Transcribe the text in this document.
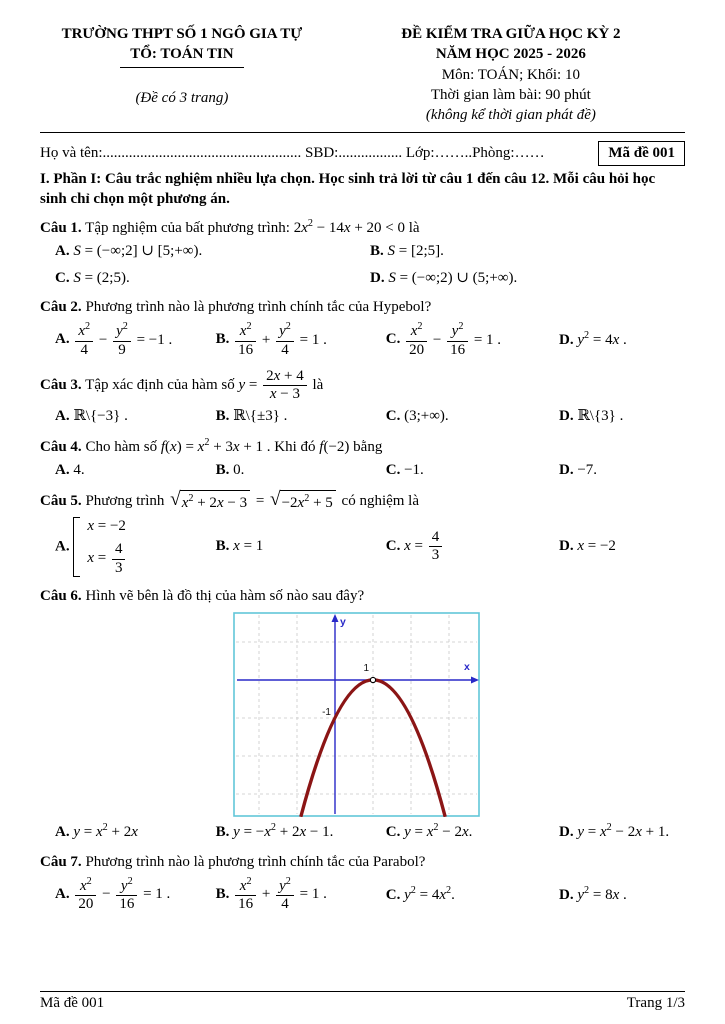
TRƯỜNG THPT SỐ 1 NGÔ GIA TỰ
TỔ: TOÁN TIN
(Đề có 3 trang)
ĐỀ KIỂM TRA GIỮA HỌC KỲ 2
NĂM HỌC 2025 - 2026
Môn: TOÁN; Khối: 10
Thời gian làm bài: 90 phút
(không kể thời gian phát đề)
Họ và tên:..................................................... SBD:................. Lớp:……..Phòng:……	Mã đề 001
I. Phần I: Câu trắc nghiệm nhiều lựa chọn. Học sinh trả lời từ câu 1 đến câu 12. Mỗi câu hỏi học sinh chỉ chọn một phương án.
Câu 1. Tập nghiệm của bất phương trình: $2x^2 - 14x + 20 < 0$ là
A. S = (−∞;2] ∪ [5;+∞).	B. S = [2;5].
C. S = (2;5).	D. S = (−∞;2) ∪ (5;+∞).
Câu 2. Phương trình nào là phương trình chính tắc của Hypebol?
A. $\frac{x^2}{4} - \frac{y^2}{9} = -1$ .	B. $\frac{x^2}{16} + \frac{y^2}{4} = 1$ .	C. $\frac{x^2}{20} - \frac{y^2}{16} = 1$ .	D. $y^2 = 4x$ .
Câu 3. Tập xác định của hàm số $y = \frac{2x + 4}{x - 3}$ là
A. ℝ\{−3} .	B. ℝ\{±3} .	C. (3;+∞).	D. ℝ\{3} .
Câu 4. Cho hàm số $f(x) = x^2 + 3x + 1$ . Khi đó f(−2) bằng
A. 4.	B. 0.	C. −1.	D. −7.
Câu 5. Phương trình √ $x^2 + 2x - 3$ = √ $-2x^2 + 5$ có nghiệm là
A.
x = −2
$x = \frac{4}{3}$	B. x = 1	C. $x = \frac{4}{3}$	D. x = −2
Câu 6. Hình vẽ bên là đồ thị của hàm số nào sau đây?
x
y
1
-1
A. $y = x^2 + 2x$	B. $y = -x^2 + 2x - 1$.	C. $y = x^2 - 2x$.	D. $y = x^2 - 2x + 1$.
Câu 7. Phương trình nào là phương trình chính tắc của Parabol?
A. $\frac{x^2}{20} - \frac{y^2}{16} = 1$ .	B. $\frac{x^2}{16} + \frac{y^2}{4} = 1$ .	C. $y^2 = 4x^2$.	D. $y^2 = 8x$ .
Mã đề 001	Trang 1/3
